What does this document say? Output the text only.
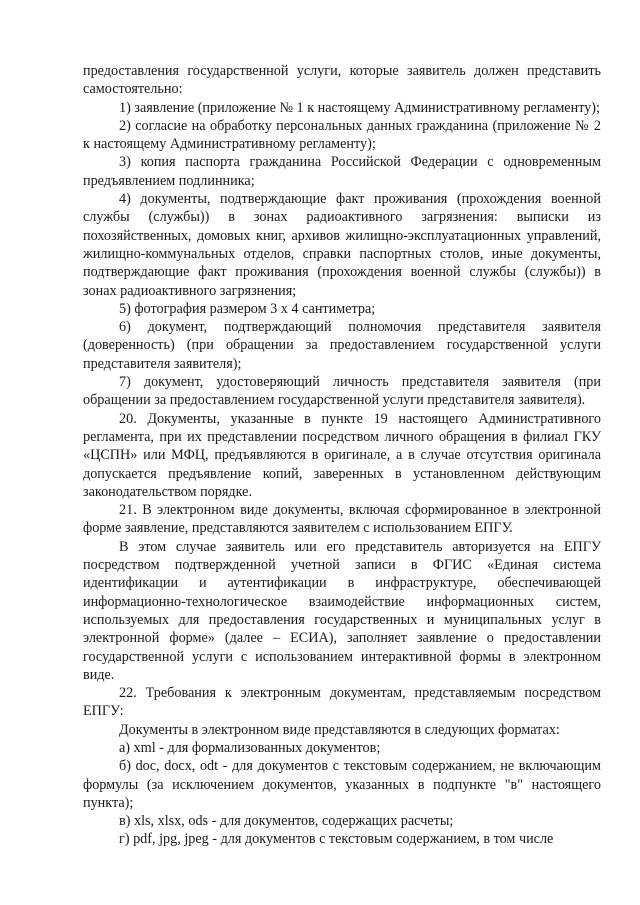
предоставления государственной услуги, которые заявитель должен представить самостоятельно:

1) заявление (приложение № 1 к настоящему Административному регламенту);

2) согласие на обработку персональных данных гражданина (приложение № 2 к настоящему Административному регламенту);

3) копия паспорта гражданина Российской Федерации с одновременным предъявлением подлинника;

4) документы, подтверждающие факт проживания (прохождения военной службы (службы)) в зонах радиоактивного загрязнения: выписки из похозяйственных, домовых книг, архивов жилищно-эксплуатационных управлений, жилищно-коммунальных отделов, справки паспортных столов, иные документы, подтверждающие факт проживания (прохождения военной службы (службы)) в зонах радиоактивного загрязнения;

5) фотография размером 3 х 4 сантиметра;

6) документ, подтверждающий полномочия представителя заявителя (доверенность) (при обращении за предоставлением государственной услуги представителя заявителя);

7) документ, удостоверяющий личность представителя заявителя (при обращении за предоставлением государственной услуги представителя заявителя).

20. Документы, указанные в пункте 19 настоящего Административного регламента, при их представлении посредством личного обращения в филиал ГКУ «ЦСПН» или МФЦ, предъявляются в оригинале, а в случае отсутствия оригинала допускается предъявление копий, заверенных в установленном действующим законодательством порядке.

21. В электронном виде документы, включая сформированное в электронной форме заявление, представляются заявителем с использованием ЕПГУ.

В этом случае заявитель или его представитель авторизуется на ЕПГУ посредством подтвержденной учетной записи в ФГИС «Единая система идентификации и аутентификации в инфраструктуре, обеспечивающей информационно-технологическое взаимодействие информационных систем, используемых для предоставления государственных и муниципальных услуг в электронной форме» (далее – ЕСИА), заполняет заявление о предоставлении государственной услуги с использованием интерактивной формы в электронном виде.

22. Требования к электронным документам, представляемым посредством ЕПГУ:

Документы в электронном виде представляются в следующих форматах:

а) xml - для формализованных документов;

б) doc, docx, odt - для документов с текстовым содержанием, не включающим формулы (за исключением документов, указанных в подпункте "в" настоящего пункта);

в) xls, xlsx, ods - для документов, содержащих расчеты;

г) pdf, jpg, jpeg - для документов с текстовым содержанием, в том числе
